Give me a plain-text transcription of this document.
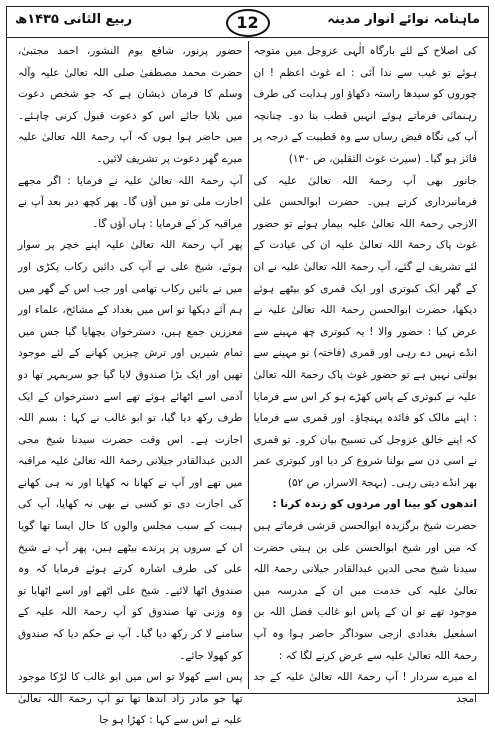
ماہنامہ نوائے انوار مدینہ
12
ربیع الثانی ۱۴۳۵ھ

کی اصلاح کے لئے بارگاہ الٰہی عزوجل میں متوجہ ہوئے تو غیب سے ندا آئی : اے غوث اعظم ! ان چوروں کو سیدھا راستہ دکھاؤ اور ہدایت کی طرف رہنمائی فرماتے ہوئے انہیں قطب بنا دو۔ چنانچہ آپ کی نگاہ فیض رساں سے وہ قطبیت کے درجہ پر فائز ہو گیا۔ (سیرت غوث الثقلین، ص ۱۳۰)

جانور بھی آپ رحمۃ اللہ تعالیٰ علیہ کی فرمانبرداری کرتے ہیں۔ حضرت ابوالحسن علی الازجی رحمۃ اللہ تعالیٰ علیہ بیمار ہوئے تو حضور غوث پاک رحمۃ اللہ تعالیٰ علیہ ان کی عیادت کے لئے تشریف لے گئے، آپ رحمۃ اللہ تعالیٰ علیہ نے ان کے گھر ایک کبوتری اور ایک قمری کو بیٹھے ہوئے دیکھا، حضرت ابوالحسن رحمۃ اللہ تعالیٰ علیہ نے عرض کیا : حضور والا ! یہ کبوتری چھ مہینے سے انڈے نہیں دے رہی اور قمری (فاختہ) نو مہینے سے بولتی نہیں ہے تو حضور غوث پاک رحمۃ اللہ تعالیٰ علیہ نے کبوتری کے پاس کھڑے ہو کر اس سے فرمایا : اپنے مالک کو فائدہ پہنچاؤ۔ اور قمری سے فرمایا کہ اپنے خالق عزوجل کی تسبیح بیان کرو۔ تو قمری نے اسی دن سے بولنا شروع کر دیا اور کبوتری عمر بھر انڈے دیتی رہی۔ (بہجۃ الاسرار، ص ۵۲)

اندھوں کو بینا اور مردوں کو زندہ کرنا :

حضرت شیخ برگزیدہ ابوالحسن قرشی فرماتے ہیں کہ میں اور شیخ ابوالحسن علی بن ہیتی حضرت سیدنا شیخ محی الدین عبدالقادر جیلانی رحمۃ اللہ تعالیٰ علیہ کی خدمت میں ان کے مدرسہ میں موجود تھے تو ان کے پاس ابو غالب فضل اللہ بن اسمٰعیل بغدادی ازجی سوداگر حاضر ہوا وہ آپ رحمۃ اللہ تعالیٰ علیہ سے عرض کرنے لگا کہ :

اے میرے سردار ! آپ رحمۃ اللہ تعالیٰ علیہ کے جد امجد

حضور پرنور، شافع یوم النشور، احمد مجتبیٰ، حضرت محمد مصطفیٰ صلی اللہ تعالیٰ علیہ وآلہ وسلم کا فرمان ذیشان ہے کہ جو شخص دعوت میں بلایا جائے اس کو دعوت قبول کرنی چاہئے۔ میں حاضر ہوا ہوں کہ آپ رحمۃ اللہ تعالیٰ علیہ میرے گھر دعوت پر تشریف لائیں۔

آپ رحمۃ اللہ تعالیٰ علیہ نے فرمایا : اگر مجھے اجازت ملی تو میں آؤں گا۔ پھر کچھ دیر بعد آپ نے مراقبہ کر کے فرمایا : ہاں آؤں گا۔

پھر آپ رحمۃ اللہ تعالیٰ علیہ اپنے خچر پر سوار ہوئے، شیخ علی نے آپ کی دائیں رکاب پکڑی اور میں نے بائیں رکاب تھامی اور جب اس کے گھر میں ہم آئے دیکھا تو اس میں بغداد کے مشائخ، علماء اور معززین جمع ہیں، دسترخوان بچھایا گیا جس میں تمام شیریں اور ترش چیزیں کھانے کے لئے موجود تھیں اور ایک بڑا صندوق لایا گیا جو سربمہر تھا دو آدمی اسے اٹھائے ہوئے تھے اسے دسترخوان کے ایک طرف رکھ دیا گیا، تو ابو غالب نے کہا : بسم اللہ اجازت ہے۔ اس وقت حضرت سیدنا شیخ محی الدین عبدالقادر جیلانی رحمۃ اللہ تعالیٰ علیہ مراقبہ میں تھے اور آپ نے کھانا نہ کھایا اور نہ ہی کھانے کی اجازت دی تو کسی نے بھی نہ کھایا، آپ کی ہیبت کے سبب مجلس والوں کا حال ایسا تھا گویا ان کے سروں پر پرندے بیٹھے ہیں، پھر آپ نے شیخ علی کی طرف اشارہ کرتے ہوئے فرمایا کہ وہ صندوق اٹھا لائیے۔ شیخ علی اٹھے اور اسے اٹھایا تو وہ وزنی تھا صندوق کو آپ رحمۃ اللہ علیہ کے سامنے لا کر رکھ دیا گیا۔ آپ نے حکم دیا کہ صندوق کو کھولا جائے۔

پس اسے کھولا تو اس میں ابو غالب کا لڑکا موجود تھا جو مادر زاد اندھا تھا تو آپ رحمۃ اللہ تعالیٰ علیہ نے اس سے کہا : کھڑا ہو جا
